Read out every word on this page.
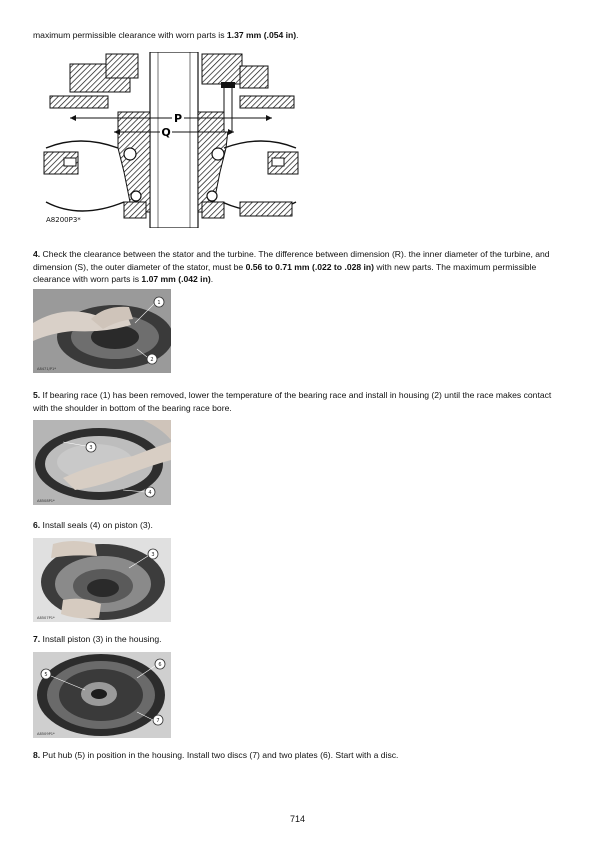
maximum permissible clearance with worn parts is 1.37 mm (.054 in).
P
Q
A8200P3*
4. Check the clearance between the stator and the turbine. The difference between dimension (R). the inner diameter of the turbine, and dimension (S), the outer diameter of the stator, must be 0.56 to 0.71 mm (.022 to .028 in) with new parts. The maximum permissible clearance with worn parts is 1.07 mm (.042 in).
1
2
A8471/P1*
5. If bearing race (1) has been removed, lower the temperature of the bearing race and install in housing (2) until the race makes contact with the shoulder in bottom of the bearing race bore.
3
4
A8508P1*
6. Install seals (4) on piston (3).
3
A8507P1*
7. Install piston (3) in the housing.
5
6
7
A8509P1*
8. Put hub (5) in position in the housing. Install two discs (7) and two plates (6). Start with a disc.
714
